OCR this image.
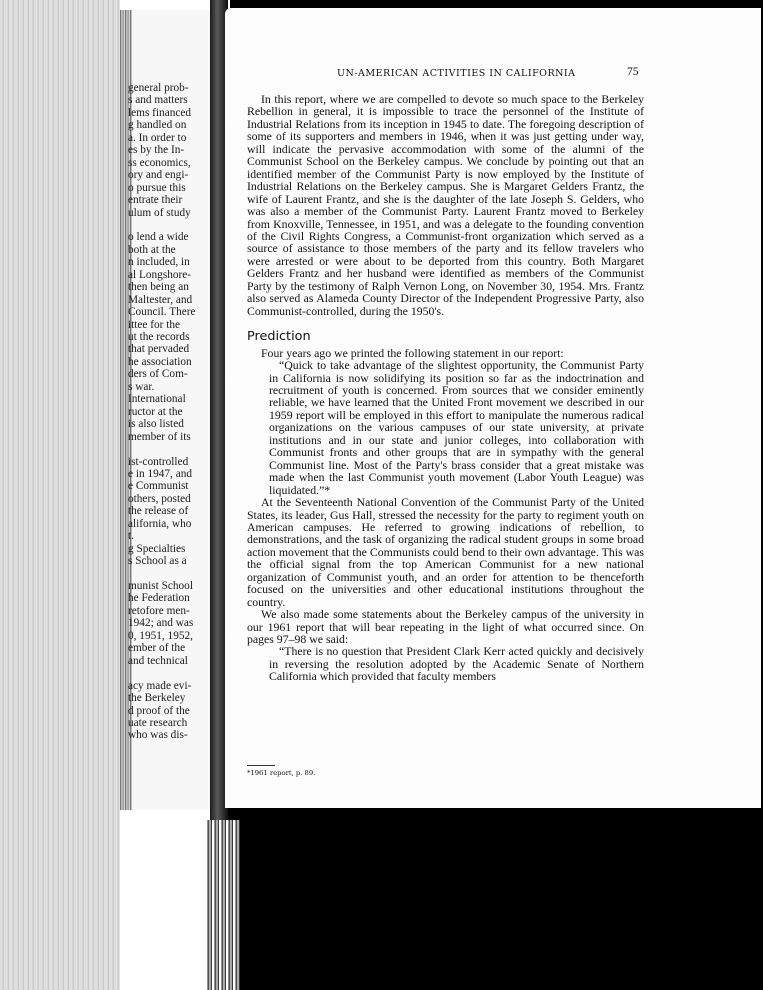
general prob-
s and matters
lems financed
g handled on
a. In order to
es by the In-
ss economics,
ory and engi-
o pursue this
entrate their
ulum of study
o lend a wide
both at the
n included, in
al Longshore-
then being an
Maltester, and
Council. There
ittee for the
ut the records
that pervaded
he association
ders of Com-
s war.
International
ructor at the
is also listed
member of its
ist-controlled
e in 1947, and
e Communist
others, posted
the release of
alifornia, who
t.
g Specialties
s School as a
munist School
he Federation
retofore men-
1942; and was
0, 1951, 1952,
ember of the
and technical
acy made evi-
the Berkeley
d proof of the
uate research
who was dis-
UN-AMERICAN ACTIVITIES IN CALIFORNIA	75

In this report, where we are compelled to devote so much space to the Berkeley Rebellion in general, it is impossible to trace the personnel of the Institute of Industrial Relations from its inception in 1945 to date. The foregoing description of some of its supporters and members in 1946, when it was just getting under way, will indicate the pervasive accommodation with some of the alumni of the Communist School on the Berkeley campus. We conclude by pointing out that an identified member of the Communist Party is now employed by the Institute of Industrial Relations on the Berkeley campus. She is Margaret Gelders Frantz, the wife of Laurent Frantz, and she is the daughter of the late Joseph S. Gelders, who was also a member of the Communist Party. Laurent Frantz moved to Berkeley from Knoxville, Tennessee, in 1951, and was a delegate to the founding convention of the Civil Rights Congress, a Communist-front organization which served as a source of assistance to those members of the party and its fellow travelers who were arrested or were about to be deported from this country. Both Margaret Gelders Frantz and her husband were identified as members of the Communist Party by the testimony of Ralph Vernon Long, on November 30, 1954. Mrs. Frantz also served as Alameda County Director of the Independent Progressive Party, also Communist-controlled, during the 1950's.

Prediction

Four years ago we printed the following statement in our report:

“Quick to take advantage of the slightest opportunity, the Communist Party in California is now solidifying its position so far as the indoctrination and recruitment of youth is concerned. From sources that we consider eminently reliable, we have learned that the United Front movement we described in our 1959 report will be employed in this effort to manipulate the numerous radical organizations on the various campuses of our state university, at private institutions and in our state and junior colleges, into collaboration with Communist fronts and other groups that are in sympathy with the general Communist line. Most of the Party's brass consider that a great mistake was made when the last Communist youth movement (Labor Youth League) was liquidated.”*

At the Seventeenth National Convention of the Communist Party of the United States, its leader, Gus Hall, stressed the necessity for the party to regiment youth on American campuses. He referred to growing indications of rebellion, to demonstrations, and the task of organizing the radical student groups in some broad action movement that the Communists could bend to their own advantage. This was the official signal from the top American Communist for a new national organization of Communist youth, and an order for attention to be thenceforth focused on the universities and other educational institutions throughout the country.

We also made some statements about the Berkeley campus of the university in our 1961 report that will bear repeating in the light of what occurred since. On pages 97–98 we said:

“There is no question that President Clark Kerr acted quickly and decisively in reversing the resolution adopted by the Academic Senate of Northern California which provided that faculty members

*1961 report, p. 89.
